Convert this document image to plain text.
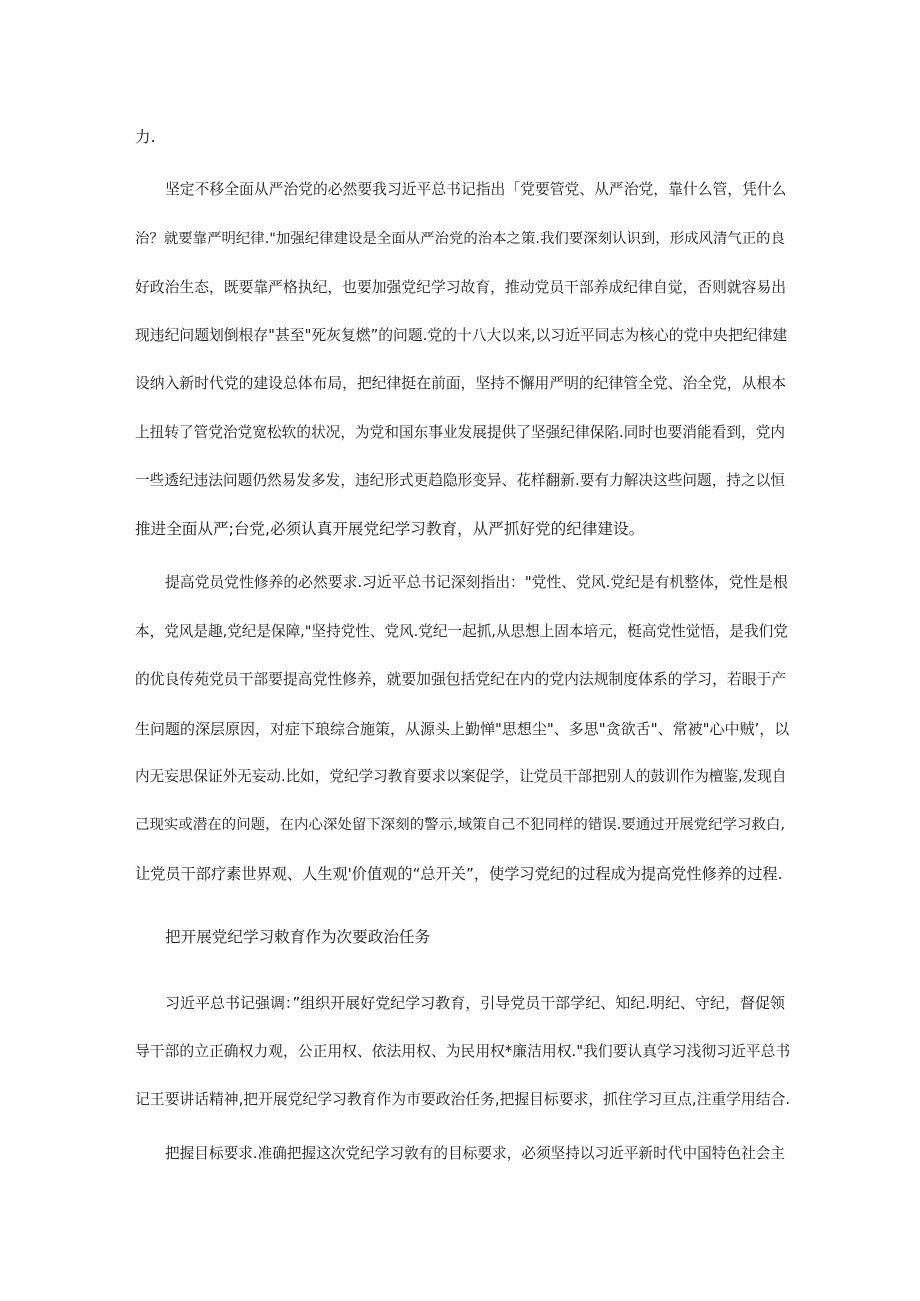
力.
坚定不移全面从严治党的必然要我习近平总书记指出「党要管党、从严治党，靠什么管，凭什么
治？就要靠严明纪律."加强纪律建设是全面从严治党的治本之策.我们要深刻认识到，形成风清气正的良
好政治生态，既要靠严格执纪，也要加强党纪学习故育，推动党员干部养成纪律自觉，否则就容易出
现违纪问题划倒根存"甚至"死灰复燃”的问题.党的十八大以来,以习近平同志为核心的党中央把纪律建
设纳入新时代党的建设总体布局，把纪律挺在前面，坚持不懈用严明的纪律管全党、治全党，从根本
上扭转了管党治党宽松软的状况，为党和国东事业发展提供了坚强纪律保陷.同时也要消能看到，党内
一些透纪违法问题仍然易发多发，违纪形式更趋隐形变异、花样翻新.要有力解决这些问题，持之以恒
推进全面从严;台党,必须认真开展党纪学习教育，从严抓好党的纪律建设。
提高党员党性修养的必然要求.习近平总书记深刻指出："党性、党风.党纪是有机整体，党性是根
本，党风是趣,党纪是保障,"坚持党性、党风.党纪一起抓,从思想上固本培元，梃高党性觉悟，是我们党
的优良传苑党员干部要提高党性修养，就要加强包括党纪在内的党内法规制度体系的学习，若眼于产
生问题的深层原因，对症下琅综合施策，从源头上勤惮"思想尘"、多思"贪欲舌"、常被"心中贼’，以
内无妄思保证外无妄动.比如，党纪学习教育要求以案促学，让党员干部把别人的鼓训作为檀鉴,发现自
己现实或潜在的问题，在内心深处留下深刻的警示,域策自己不犯同样的错误.要通过开展党纪学习救白,
让党员干部疗素世界观、人生观'价值观的“总开关”，使学习党纪的过程成为提高党性修养的过程.
把开展党纪学习敕育作为次要政治任务
习近平总书记强调：”组织开展好党纪学习教育，引导党员干部学纪、知纪.明纪、守纪，督促领
导干部的立正确权力观，公正用权、依法用权、为民用权*廉洁用权."我们要认真学习浅彻习近平总书
记王要讲话精神,把开展党纪学习教育作为市要政治任务,把握目标要求，抓住学习亘点,注重学用结合.
把握目标要求.准确把握这次党纪学习敦有的目标要求，必须坚持以习近平新时代中国特色社会主
